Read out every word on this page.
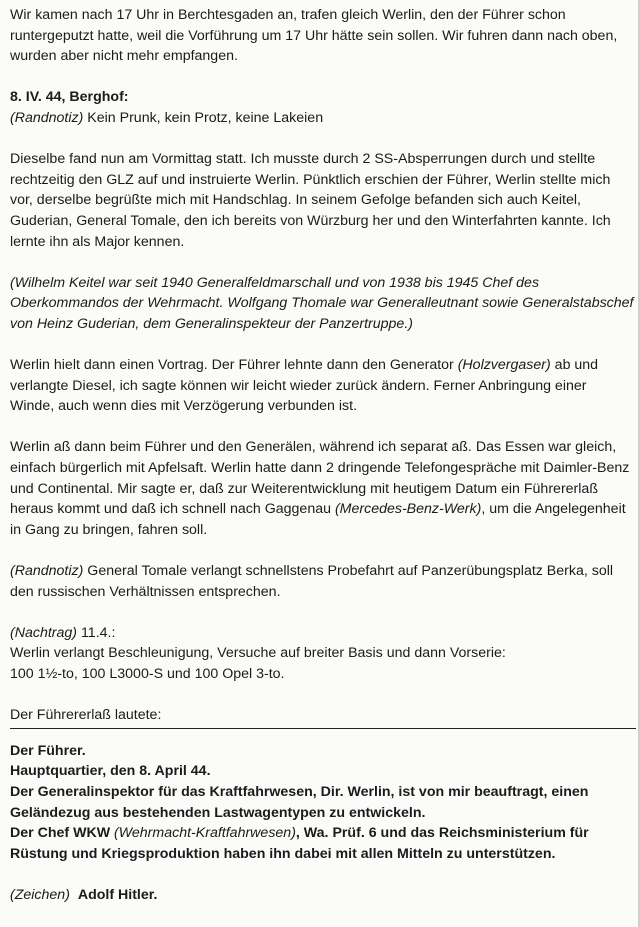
Wir kamen nach 17 Uhr in Berchtesgaden an, trafen gleich Werlin, den der Führer schon runtergeputzt hatte, weil die Vorführung um 17 Uhr hätte sein sollen. Wir fuhren dann nach oben, wurden aber nicht mehr empfangen.

8. IV. 44, Berghof:

(Randnotiz) Kein Prunk, kein Protz, keine Lakeien

Dieselbe fand nun am Vormittag statt. Ich musste durch 2 SS-Absperrungen durch und stellte rechtzeitig den GLZ auf und instruierte Werlin. Pünktlich erschien der Führer, Werlin stellte mich vor, derselbe begrüßte mich mit Handschlag. In seinem Gefolge befanden sich auch Keitel, Guderian, General Tomale, den ich bereits von Würzburg her und den Winterfahrten kannte. Ich lernte ihn als Major kennen.

(Wilhelm Keitel war seit 1940 Generalfeldmarschall und von 1938 bis 1945 Chef des Oberkommandos der Wehrmacht. Wolfgang Thomale war Generalleutnant sowie Generalstabschef von Heinz Guderian, dem Generalinspekteur der Panzertruppe.)

Werlin hielt dann einen Vortrag. Der Führer lehnte dann den Generator (Holzvergaser) ab und verlangte Diesel, ich sagte können wir leicht wieder zurück ändern. Ferner Anbringung einer Winde, auch wenn dies mit Verzögerung verbunden ist.

Werlin aß dann beim Führer und den Generälen, während ich separat aß. Das Essen war gleich, einfach bürgerlich mit Apfelsaft. Werlin hatte dann 2 dringende Telefongespräche mit Daimler-Benz und Continental. Mir sagte er, daß zur Weiterentwicklung mit heutigem Datum ein Führererlaß heraus kommt und daß ich schnell nach Gaggenau (Mercedes-Benz-Werk), um die Angelegenheit in Gang zu bringen, fahren soll.

(Randnotiz) General Tomale verlangt schnellstens Probefahrt auf Panzerübungsplatz Berka, soll den russischen Verhältnissen entsprechen.

(Nachtrag) 11.4.:

Werlin verlangt Beschleunigung, Versuche auf breiter Basis und dann Vorserie:

100 1½-to, 100 L3000-S und 100 Opel 3-to.

Der Führererlaß lautete:

Der Führer.

Hauptquartier, den 8. April 44.

Der Generalinspektor für das Kraftfahrwesen, Dir. Werlin, ist von mir beauftragt, einen Geländezug aus bestehenden Lastwagentypen zu entwickeln.

Der Chef WKW (Wehrmacht-Kraftfahrwesen), Wa. Prüf. 6 und das Reichsministerium für Rüstung und Kriegsproduktion haben ihn dabei mit allen Mitteln zu unterstützen.

(Zeichen) Adolf Hitler.
